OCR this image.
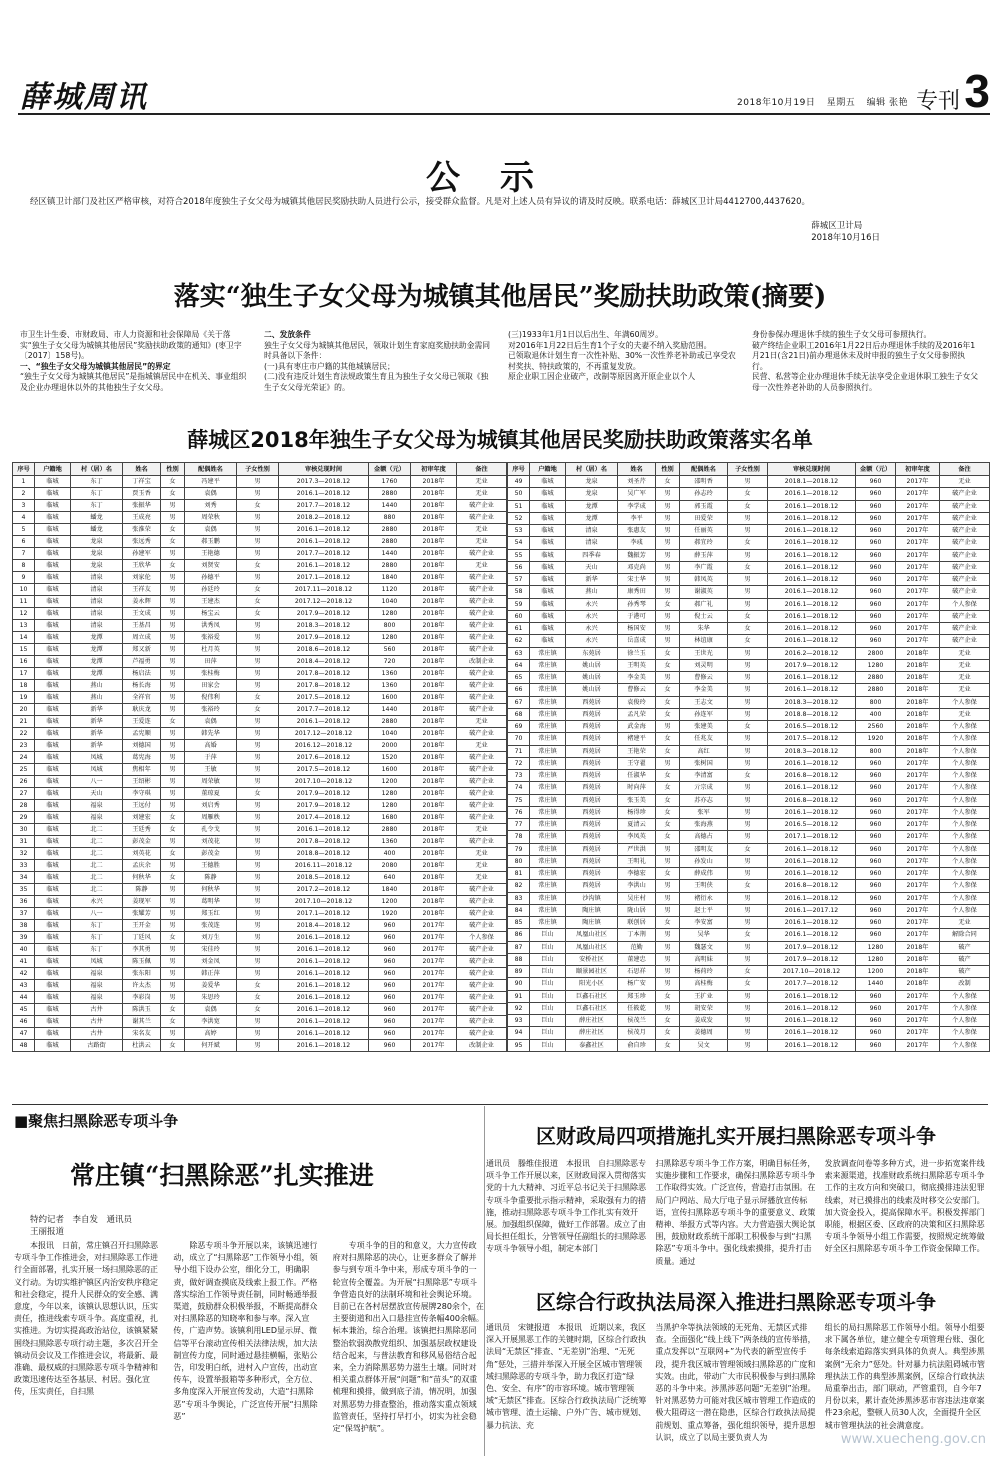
薛城周讯	2018年10月19日 星期五 编辑 张艳 专刊 3
公示
经区镇卫计部门及社区严格审核，对符合2018年度独生子女父母为城镇其他居民奖励扶助人员进行公示，接受群众监督。凡是对上述人员有异议的请及时反映。联系电话：薛城区卫计局4412700,4437620。
薛城区卫计局
2018年10月16日
落实“独生子女父母为城镇其他居民”奖励扶助政策(摘要)
市卫生计生委、市财政局、市人力资源和社会保障局《关于落实“独生子女父母为城镇其他居民”奖励扶助政策的通知》(枣卫字〔2017〕158号)。
一、“独生子女父母为城镇其他居民”的界定
“独生子女父母为城镇其他居民”是指城镇居民中在机关、事业组织及企业办理退休以外的其他独生子女父母。
二、发放条件
独生子女父母为城镇其他居民，领取计划生育家庭奖励扶助金需同时具备以下条件：
(一)具有枣庄市户籍的其他城镇居民；
(二)没有违反计划生育法规政策生育且为独生子女父母已领取《独生子女父母光荣证》的。
(三)1933年1月1日以后出生、年满60周岁。
对2016年1月22日后生育1个子女的夫妻不纳入奖励范围。
已领取退休计划生育一次性补贴、30%一次性养老补助或已享受农村奖扶、特扶政策的，不再重复发放。
原企业职工因企业破产，改制等原因离开原企业以个人
身份参保办理退休手续的独生子女父母可参照执行。
破产终结企业职工2016年1月22日后办理退休手续的及2016年1月21日(含21日)前办理退休未及时申报的独生子女父母参照执行。
民营、私营等企业办理退休手续无法享受企业退休职工独生子女父母一次性养老补助的人员参照执行。
薛城区2018年独生子女父母为城镇其他居民奖励扶助政策落实名单
序号	户籍地	村（居）名	姓名	性别	配偶姓名	子女性别	审核兑现时间	金额（元）	初审年度	备注
1	临城	东丁	丁祥宝	女	冯建平	男	2017.3—2018.12	1760	2018年	无业
2	临城	东丁	贾玉香	女	袁偶	男	2016.1—2018.12	2880	2018年	无业
3	临城	东丁	张振华	男	刘秀	女	2017.7—2018.12	1440	2018年	破产企业
4	临城	蟠龙	王成亮	男	周荣秋	男	2018.2—2018.12	880	2018年	破产企业
5	临城	蟠龙	张淮荣	女	袁偶	男	2016.1—2018.12	2880	2018年	无业
6	临城	龙泉	张远秀	女	郝玉鹏	男	2016.1—2018.12	2880	2018年	无业
7	临城	龙泉	孙建军	男	王艳德	男	2017.7—2018.12	1440	2018年	破产企业
8	临城	龙泉	王欣华	女	刘贤安	女	2016.1—2018.12	2880	2018年	无业
9	临城	清泉	刘家伦	男	孙德平	男	2017.1—2018.12	1840	2018年	破产企业
10	临城	清泉	王祥友	男	孙廷玲	女	2017.11—2018.12	1120	2018年	破产企业
11	临城	清泉	姜永辉	男	王建杰	女	2017.12—2018.12	1040	2018年	破产企业
12	临城	清泉	王文成	男	杨宝云	女	2017.9—2018.12	1280	2018年	破产企业
13	临城	清泉	王基昌	男	洪秀凤	男	2018.3—2018.12	800	2018年	破产企业
14	临城	龙潭	周立成	男	张裕爱	男	2017.9—2018.12	1280	2018年	破产企业
15	临城	龙潭	郑又新	男	杜月英	男	2018.6—2018.12	560	2018年	破产企业
16	临城	龙潭	芦福勇	男	田萍	男	2018.4—2018.12	720	2018年	改制企业
17	临城	龙潭	杨启法	男	张桂梅	男	2017.8—2018.12	1360	2018年	破产企业
18	临城	燕山	杨长海	男	田家会	男	2017.8—2018.12	1360	2018年	破产企业
19	临城	燕山	全祥官	男	倪伟利	女	2017.5—2018.12	1600	2018年	破产企业
20	临城	新华	耿庆龙	男	张裕玲	女	2017.7—2018.12	1440	2018年	破产企业
21	临城	新华	王爱连	女	袁偶	男	2016.1—2018.12	2880	2018年	无业
22	临城	新华	孟宪顺	男	韩先华	男	2017.12—2018.12	1040	2018年	破产企业
23	临城	新华	刘德国	男	高婚	男	2016.12—2018.12	2000	2018年	无业
24	临城	凤城	葛宪海	男	于萍	男	2017.6—2018.12	1520	2018年	破产企业
25	临城	凤城	焦相年	男	王敏	男	2017.5—2018.12	1600	2018年	破产企业
26	临城	八一	王绍彬	男	周荣敏	男	2017.10—2018.12	1200	2018年	破产企业
27	临城	天山	李守琪	男	董琼夏	女	2017.9—2018.12	1280	2018年	破产企业
28	临城	福泉	王远付	男	刘启秀	男	2017.9—2018.12	1280	2018年	破产企业
29	临城	福泉	刘建宏	女	周雁秩	男	2017.4—2018.12	1680	2018年	破产企业
30	临城	北二	王廷秀	女	孔令戈	男	2016.1—2018.12	2880	2018年	无业
31	临城	北二	彭茂金	男	刘茂花	男	2017.8—2018.12	1360	2018年	破产企业
32	临城	北二	刘英花	女	彭茂金	男	2018.8—2018.12	400	2018年	无业
33	临城	北二	孟庆余	男	王德胜	男	2016.11—2018.12	2080	2018年	无业
34	临城	北二	何秋华	女	陈静	男	2018.5—2018.12	640	2018年	无业
35	临城	北二	陈静	男	何秋华	男	2017.2—2018.12	1840	2018年	破产企业
36	临城	永兴	姜现军	男	葛明华	男	2017.10—2018.12	1200	2018年	破产企业
37	临城	八一	张耀芳	男	郑玉红	男	2017.1—2018.12	1920	2018年	破产企业
38	临城	东丁	王开金	男	张茂连	男	2018.4—2018.12	960	2017年	破产企业
39	临城	东丁	丁廷风	女	刘万生	男	2016.1—2018.12	960	2017年	个人参保
40	临城	东丁	李其勇	男	宋佳玲	男	2016.1—2018.12	960	2017年	破产企业
41	临城	凤城	陈玉佩	男	刘金凤	男	2016.1—2018.12	960	2017年	破产企业
42	临城	福泉	张东阳	男	韩正萍	男	2016.1—2018.12	960	2017年	破产企业
43	临城	福泉	许太杰	男	姜爱华	女	2016.1—2018.12	960	2017年	破产企业
44	临城	福泉	李彩岗	男	朱思玲	女	2016.1—2018.12	960	2017年	破产企业
45	临城	古井	陈洪玉	女	袁偶	女	2016.1—2018.12	960	2017年	破产企业
46	临城	古井	谢其兰	女	李洪宽	男	2016.1—2018.12	960	2017年	破产企业
47	临城	古井	宋名友	男	高婷	男	2016.1—2018.12	960	2017年	破产企业
48	临城	古路街	杜洪云	女	何开斌	男	2016.1—2018.12	960	2017年	改制企业
序号	户籍地	村（居）名	姓名	性别	配偶姓名	子女性别	审核兑现时间	金额（元）	初审年度	备注
49	临城	龙泉	刘圣芹	女	邵明香	男	2018.1—2018.12	960	2017年	无业
50	临城	龙泉	吴广军	男	孙志玲	女	2016.1—2018.12	960	2017年	破产企业
51	临城	龙潭	李学成	男	郭玉霞	女	2016.1—2018.12	960	2017年	破产企业
52	临城	龙潭	李平	男	田爱荣	男	2016.1—2018.12	960	2017年	破产企业
53	临城	清泉	张惠友	男	任丽英	男	2016.1—2018.12	960	2017年	破产企业
54	临城	清泉	李彧	男	郝宜玲	女	2016.1—2018.12	960	2017年	破产企业
55	临城	四季春	魏振芳	男	薛玉萍	男	2016.1—2018.12	960	2017年	破产企业
56	临城	天山	邓克尚	男	李广霞	女	2016.1—2018.12	960	2017年	破产企业
57	临城	新华	宋士华	男	韩凤英	男	2016.1—2018.12	960	2017年	破产企业
58	临城	燕山	康秀田	男	谢淑英	男	2016.1—2018.12	960	2017年	破产企业
59	临城	永兴	孙秀琴	女	郝广礼	男	2016.1—2018.12	960	2017年	个人参保
60	临城	永兴	于港可	男	倪士云	女	2016.1—2018.12	960	2017年	破产企业
61	临城	永兴	杨国安	男	朱华	女	2016.1—2018.12	960	2017年	破产企业
62	临城	永兴	岳喜成	男	林谊康	女	2016.1—2018.12	960	2017年	破产企业
63	常庄镇	东苑居	徐兰玉	女	王世光	男	2016.2—2018.12	2800	2018年	无业
64	常庄镇	姚山居	王明英	女	刘灵明	男	2017.9—2018.12	1280	2018年	无业
65	常庄镇	姚山居	李金美	男	曹修云	男	2016.1—2018.12	2880	2018年	无业
66	常庄镇	姚山居	曹修云	女	李金美	男	2016.1—2018.12	2880	2018年	无业
67	常庄镇	西苑居	袁俊玲	女	王志文	男	2018.3—2018.12	800	2018年	个人参保
68	常庄镇	西苑居	孟凡荣	女	孙连军	男	2018.8—2018.12	400	2018年	无业
69	常庄镇	西苑居	武金海	男	张建美	女	2016.5—2018.12	2560	2018年	个人参保
70	常庄镇	西苑居	褚建平	女	任兆友	男	2017.5—2018.12	1920	2018年	个人参保
71	常庄镇	西苑居	王艳荣	女	高红	男	2018.3—2018.12	800	2018年	个人参保
72	常庄镇	西苑居	王守翟	男	张树国	男	2016.1—2018.12	960	2017年	个人参保
73	常庄镇	西苑居	任淑华	女	李清富	女	2016.8—2018.12	960	2017年	个人参保
74	常庄镇	西苑居	时向萍	女	亓宗成	男	2016.1—2018.12	960	2017年	个人参保
75	常庄镇	西苑居	张玉美	女	苏亦志	男	2016.8—2018.12	960	2017年	个人参保
76	常庄镇	西苑居	杨得珍	女	张军	男	2016.1—2018.12	960	2017年	个人参保
77	常庄镇	西苑居	夏清云	女	张海燕	男	2016.5—2018.12	960	2017年	个人参保
78	常庄镇	西苑居	李凤英	女	高德占	男	2017.1—2018.12	960	2017年	个人参保
79	常庄镇	西苑居	严世洪	男	邵明友	女	2016.1—2018.12	960	2017年	个人参保
80	常庄镇	西苑居	王明礼	男	孙发山	男	2016.1—2018.12	960	2017年	个人参保
81	常庄镇	西苑居	李德宏	女	薛成伟	男	2016.1—2018.12	960	2017年	个人参保
82	常庄镇	西苑居	李洪山	男	王明侠	女	2016.8—2018.12	960	2017年	个人参保
83	常庄镇	沙沟镇	吴庄村	男	褚衍永	男	2016.1—2018.12	960	2017年	个人参保
84	常庄镇	陶庄镇	陇山居	男	赵士平	男	2016.1—2017.12	960	2017年	个人参保
85	常庄镇	陶庄镇	联创居	女	李安富	男	2016.1—2018.12	960	2017年	无业
86	巨山	凤凰山社区	丁本荆	男	吴华	女	2016.1—2018.12	960	2017年	解除合同
87	巨山	凤凰山社区	范勤	男	魏瑟文	男	2017.9—2018.12	1280	2018年	破产
88	巨山	安桥社区	董建忠	男	高明妹	男	2017.9—2018.12	1280	2018年	破产
89	巨山	颐景园社区	石思祥	男	杨荷玲	女	2017.10—2018.12	1200	2018年	破产
90	巨山	阳光小区	杨广安	男	高桂梅	女	2017.7—2018.12	1440	2018年	改制
91	巨山	巨鑫石社区	郑玉珍	女	王扩业	男	2016.1—2018.12	960	2017年	个人参保
92	巨山	巨鑫石社区	任筱乾	男	胡安荣	男	2016.1—2018.12	960	2017年	个人参保
93	巨山	薛庄社区	侯茂兰	女	姜成发	男	2016.1—2018.12	960	2017年	个人参保
94	巨山	薛庄社区	侯茂月	女	姜德周	男	2016.1—2018.12	960	2017年	个人参保
95	巨山	泰鑫社区	俞自珍	女	吴文	男	2016.1—2018.12	960	2017年	个人参保
■聚焦扫黑除恶专项斗争
常庄镇“扫黑除恶”扎实推进
特约记者　李自发　通讯员
王丽报道
本报讯　日前，常庄镇召开扫黑除恶专项斗争工作推进会，对扫黑除恶工作进行全面部署，扎实开展一场扫黑除恶的正义行动。为切实维护镇区内治安秩序稳定和社会稳定，提升人民群众的安全感、满意度，今年以来，该镇认思想认识，压实责任，推进线索专项斗争。高度重视，扎实推进。为切实提高政治站位，该镇紧紧围绕扫黑除恶专项行动主题，多次召开全镇动员会议及工作推进会议，将最新、最准确、最权威的扫黑除恶专项斗争精神和政策迅速传达至各基层、村居。强化宣传，压实责任，自扫黑
除恶专项斗争开展以来，该镇迅速行动，成立了“扫黑除恶”工作领导小组，领导小组下设办公室，细化分工，明确职责，做好调查摸底及线索上报工作。严格落实综治工作领导责任制，同时畅通举报渠道，鼓励群众积极举报，不断提高群众对扫黑除恶的知晓率和参与率。深入宣传，广造声势。该镇利用LED显示屏、微信等平台滚动宣传相关法律法规，加大法制宣传力度，同时通过悬挂横幅，张贴公告，印发明白纸，进村入户宣传，出动宣传车，设置举报箱等多种形式，全方位、多角度深入开展宣传发动，大造“扫黑除恶”专项斗争舆论，广泛宣传开展“扫黑除恶”
专项斗争的目的和意义，大力宣传政府对扫黑除恶的决心，让更多群众了解并参与到专项斗争中来，形成专项斗争的一轮宣传全覆盖。为开展“扫黑除恶”专项斗争营造良好的法制环境和社会舆论环境。目前已在各村居摆放宣传展牌280余个，在主要街道和出入口悬挂宣传条幅400余幅。标本兼治，综合治理。该镇把扫黑除恶同整治软弱涣散党组织、加强基层政权建设结合起来，与普法教育和移风易俗结合起来，全力消除黑恶势力滋生土壤。同时对相关重点群体开展“问题”和“苗头”的双重梳理和摸排，做到底子清，情况明，加强对黑恶势力排查整治，推动落实重点领域监管责任，坚持打早打小，切实为社会稳定“保驾护航”。
区财政局四项措施扎实开展扫黑除恶专项斗争
通讯员　滕维佳报道　本报讯　自扫黑除恶专项斗争工作开展以来，区财政局深入贯彻落实党的十九大精神、习近平总书记关于扫黑除恶专项斗争重要批示指示精神，采取强有力的措施，推动扫黑除恶专项斗争工作扎实有效开展。加强组织保障，做好工作部署。成立了由局长担任组长，分管领导任副组长的扫黑除恶专项斗争领导小组，制定本部门
扫黑除恶专项斗争工作方案，明确目标任务，实施步骤和工作要求，确保扫黑除恶专项斗争工作取得实效。广泛宣传，营造打击氛围。在局门户网站、局大厅电子显示屏播放宣传标语，宣传扫黑除恶专项斗争的重要意义、政策精神、举报方式等内容。大力营造强大舆论氛围，鼓励财政系统干部职工积极参与到“扫黑除恶”专项斗争中。强化线索摸排，提升打击质量。通过
发放调查问卷等多种方式，进一步拓宽案件线索来源渠道，找准财政系统扫黑除恶专项斗争工作的主攻方向和突破口，彻底摸排违法犯罪线索，对已摸排出的线索及时移交公安部门。加大资金投入，提高保障水平。积极发挥部门职能，根据区委、区政府的决策和区扫黑除恶专项斗争领导小组工作需要，按照规定统筹做好全区扫黑除恶专项斗争工作资金保障工作。
区综合行政执法局深入推进扫黑除恶专项斗争
通讯员　宋键报道　本报讯　近期以来，我区深入开展黑恶工作的关键时期，区综合行政执法局“无禁区”排查、“无差别”治理、“无死角”惩处，三措并举深入开展全区城市管理领域扫黑除恶的专项斗争，助力我区打造“绿色、安全、有序”的市容环境。城市管理领域“无禁区”排查。区综合行政执法局广泛统筹城市管理、渣土运输、户外广告、城市规划、暴力抗法、充
当黑护伞等执法领域的无死角、无禁区式排查。全面强化“线上线下”两条线的宣传举措，重点发挥以“互联网+”为代表的新型宣传手段，提升我区城市管理领域扫黑除恶的广度和实效。由此，带动广大市民积极参与到扫黑除恶的斗争中来。涉黑涉恶问题“无差别”治理。针对黑恶势力可能对我区城市管理工作造成的极大阻碍这一潜在隐患，区综合行政执法局提前规划、重点筹备，强化组织领导，提升思想认识，成立了以局主要负责人为
组长的局扫黑除恶工作领导小组。领导小组要求下属各单位，建立健全专项管理台账、强化每条线索追踪落实到具体的负责人。典型涉黑案例“无余力”惩处。针对暴力抗法阻碍城市管理执法工作的典型涉黑案例，区综合行政执法局重拳出击，部门联动，严管重罚，自今年7月份以来，累计查处涉黑涉恶市容违法违章案件23余起，整顿人员30人次，全面提升全区城市管理执法的社会满意度。
www.xuecheng.gov.cn
